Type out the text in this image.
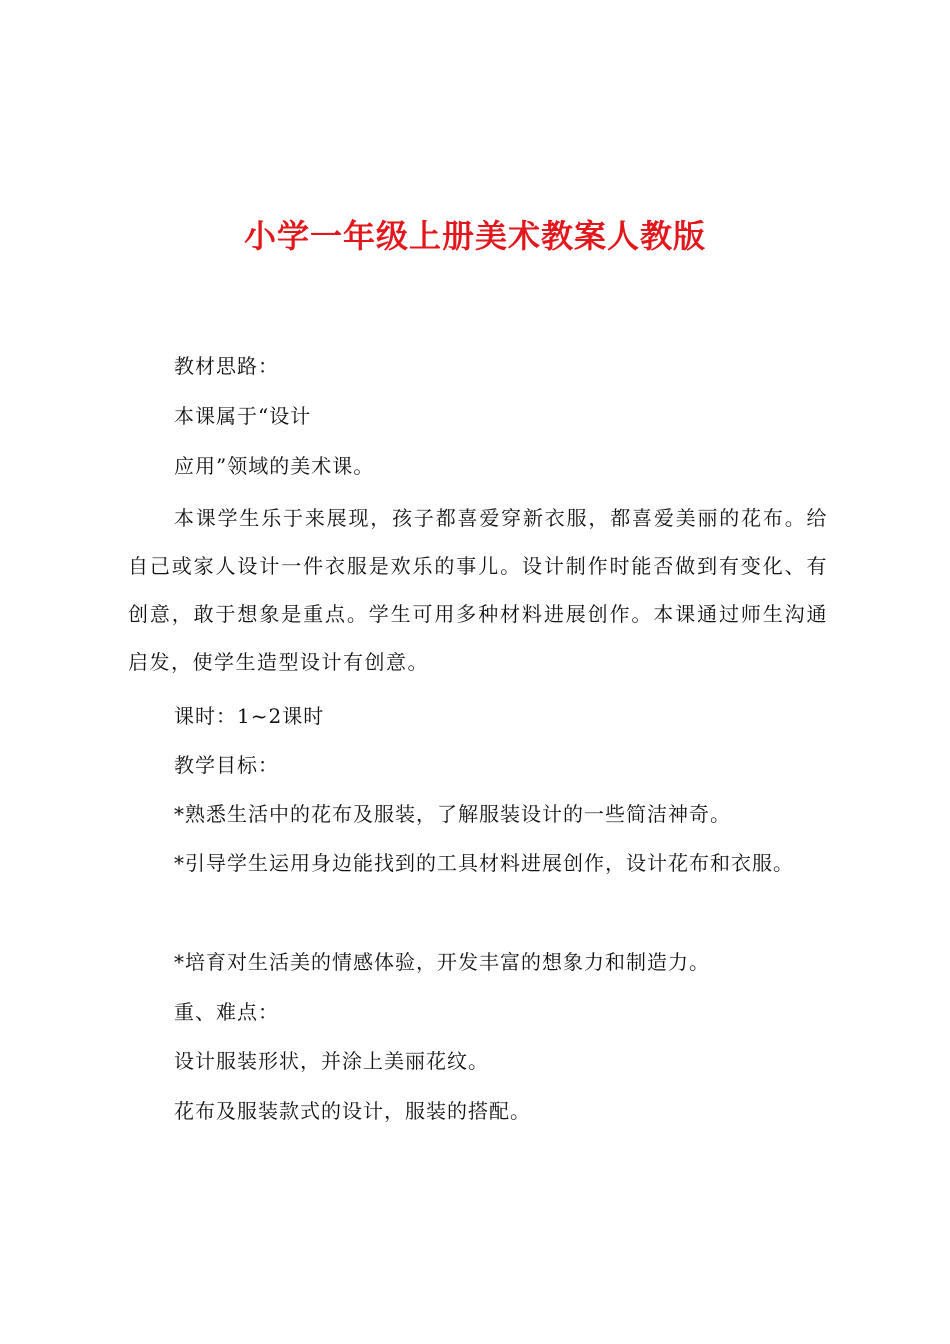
小学一年级上册美术教案人教版
教材思路：
本课属于“设计
应用”领域的美术课。
本课学生乐于来展现，孩子都喜爱穿新衣服，都喜爱美丽的花布。给自己或家人设计一件衣服是欢乐的事儿。设计制作时能否做到有变化、有创意，敢于想象是重点。学生可用多种材料进展创作。本课通过师生沟通启发，使学生造型设计有创意。
课时：1~2课时
教学目标：
*熟悉生活中的花布及服装，了解服装设计的一些简洁神奇。
*引导学生运用身边能找到的工具材料进展创作，设计花布和衣服。
*培育对生活美的情感体验，开发丰富的想象力和制造力。
重、难点：
设计服装形状，并涂上美丽花纹。
花布及服装款式的设计，服装的搭配。
